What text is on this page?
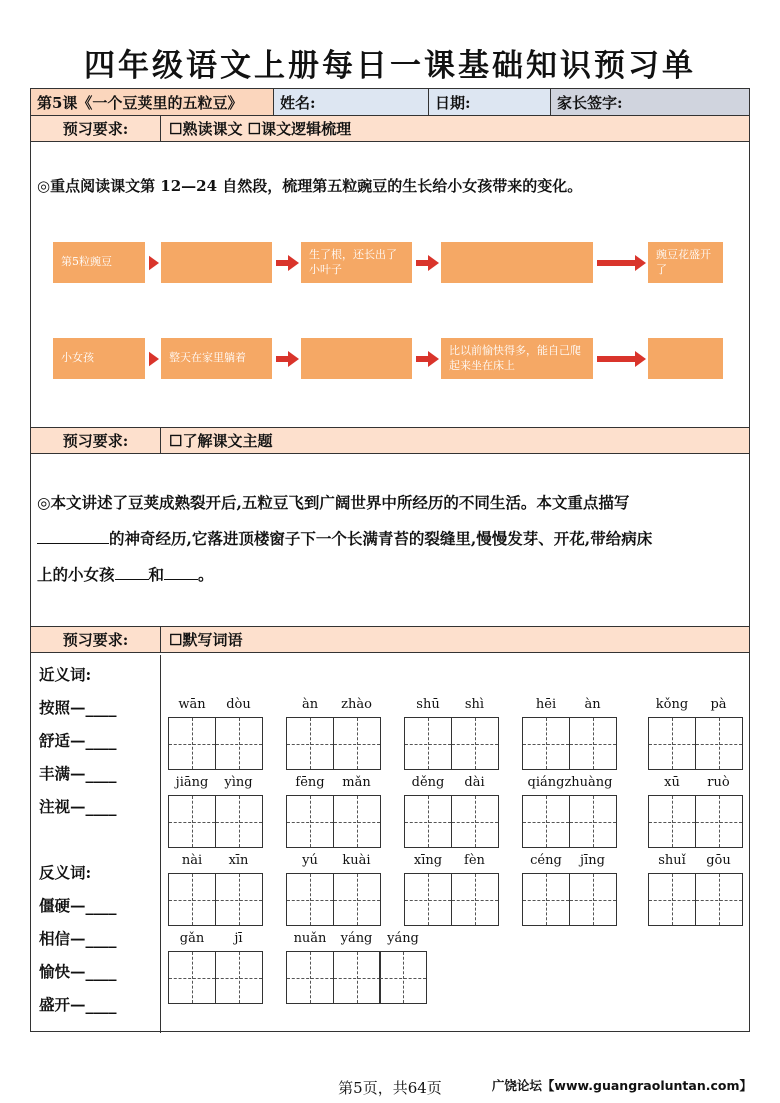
四年级语文上册每日一课基础知识预习单
第5课《一个豆荚里的五粒豆》	姓名:	日期:	家长签字:
预习要求:	☐熟读课文 ☐课文逻辑梳理
◎重点阅读课文第 12—24 自然段，梳理第五粒豌豆的生长给小女孩带来的变化。
第5粒豌豆
生了根，还长出了小叶子
豌豆花盛开了
小女孩	整天在家里躺着
比以前愉快得多，能自己爬起来坐在床上
预习要求:	☐了解课文主题
◎本文讲述了豆荚成熟裂开后,五粒豆飞到广阔世界中所经历的不同生活。本文重点描写
的神奇经历,它落进顶楼窗子下一个长满青苔的裂缝里,慢慢发芽、开花,带给病床
上的小女孩 和 。
预习要求:	☐默写词语
近义词:
按照—____
舒适—____
丰满—____
注视—____
反义词:
僵硬—____
相信—____
愉快—____
盛开—____
wān	dòu	àn	zhào	shū	shì	hēi	àn	kǒng	pà
jiāng	yìng	fēng	mǎn	děng	dài	qiángzhuàng	xū	ruò
nài	xīn	yú	kuài	xīng	fèn	céng	jīng	shuǐ	gōu
gǎn	jī	nuǎn	yáng	yáng
第5页，共64页	广饶论坛【www.guangraoluntan.com】
